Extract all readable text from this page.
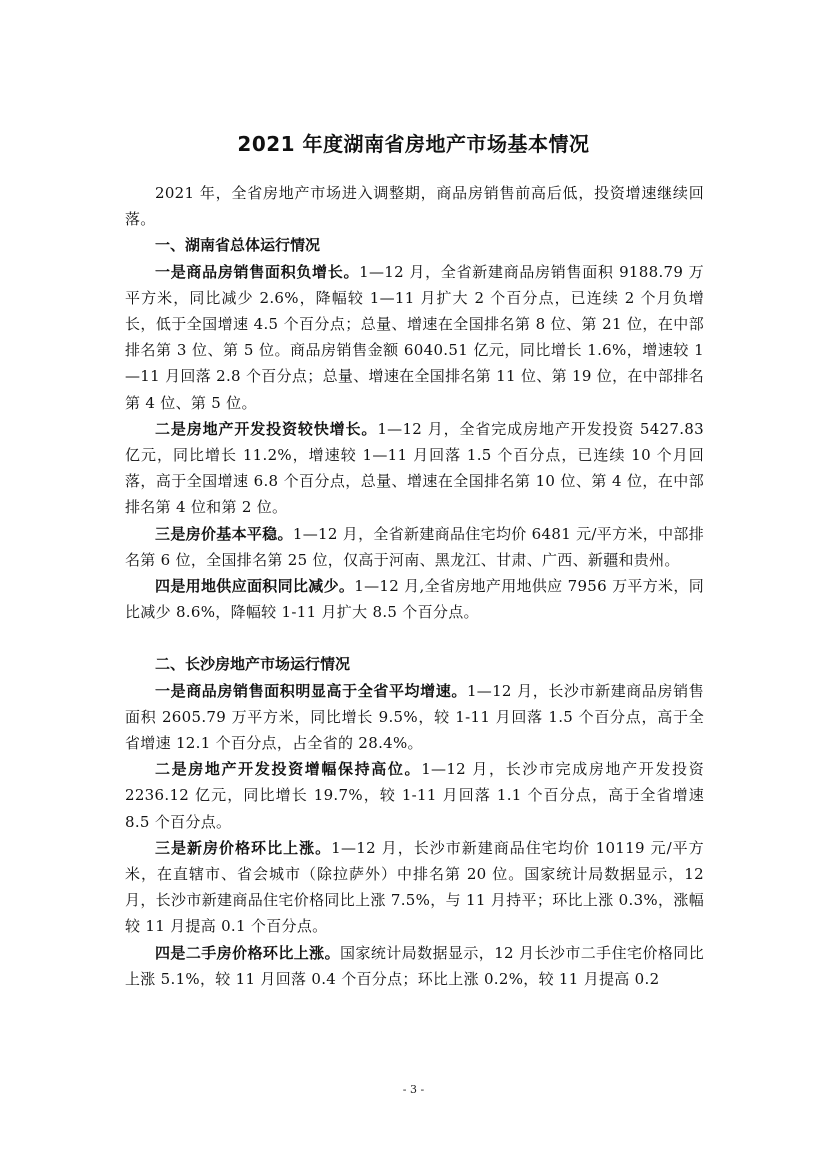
2021 年度湖南省房地产市场基本情况

2021 年，全省房地产市场进入调整期，商品房销售前高后低，投资增速继续回落。

一、湖南省总体运行情况

一是商品房销售面积负增长。1—12 月，全省新建商品房销售面积 9188.79 万平方米，同比减少 2.6%，降幅较 1—11 月扩大 2 个百分点，已连续 2 个月负增长，低于全国增速 4.5 个百分点；总量、增速在全国排名第 8 位、第 21 位，在中部排名第 3 位、第 5 位。商品房销售金额 6040.51 亿元，同比增长 1.6%，增速较 1—11 月回落 2.8 个百分点；总量、增速在全国排名第 11 位、第 19 位，在中部排名第 4 位、第 5 位。

二是房地产开发投资较快增长。1—12 月，全省完成房地产开发投资 5427.83 亿元，同比增长 11.2%，增速较 1—11 月回落 1.5 个百分点，已连续 10 个月回落，高于全国增速 6.8 个百分点，总量、增速在全国排名第 10 位、第 4 位，在中部排名第 4 位和第 2 位。

三是房价基本平稳。1—12 月，全省新建商品住宅均价 6481 元/平方米，中部排名第 6 位，全国排名第 25 位，仅高于河南、黑龙江、甘肃、广西、新疆和贵州。

四是用地供应面积同比减少。1—12 月,全省房地产用地供应 7956 万平方米，同比减少 8.6%，降幅较 1-11 月扩大 8.5 个百分点。

二、长沙房地产市场运行情况

一是商品房销售面积明显高于全省平均增速。1—12 月，长沙市新建商品房销售面积 2605.79 万平方米，同比增长 9.5%，较 1-11 月回落 1.5 个百分点，高于全省增速 12.1 个百分点，占全省的 28.4%。

二是房地产开发投资增幅保持高位。1—12 月，长沙市完成房地产开发投资 2236.12 亿元，同比增长 19.7%，较 1-11 月回落 1.1 个百分点，高于全省增速 8.5 个百分点。

三是新房价格环比上涨。1—12 月，长沙市新建商品住宅均价 10119 元/平方米，在直辖市、省会城市（除拉萨外）中排名第 20 位。国家统计局数据显示，12 月，长沙市新建商品住宅价格同比上涨 7.5%，与 11 月持平；环比上涨 0.3%，涨幅较 11 月提高 0.1 个百分点。

四是二手房价格环比上涨。国家统计局数据显示，12 月长沙市二手住宅价格同比上涨 5.1%，较 11 月回落 0.4 个百分点；环比上涨 0.2%，较 11 月提高 0.2

- 3 -
